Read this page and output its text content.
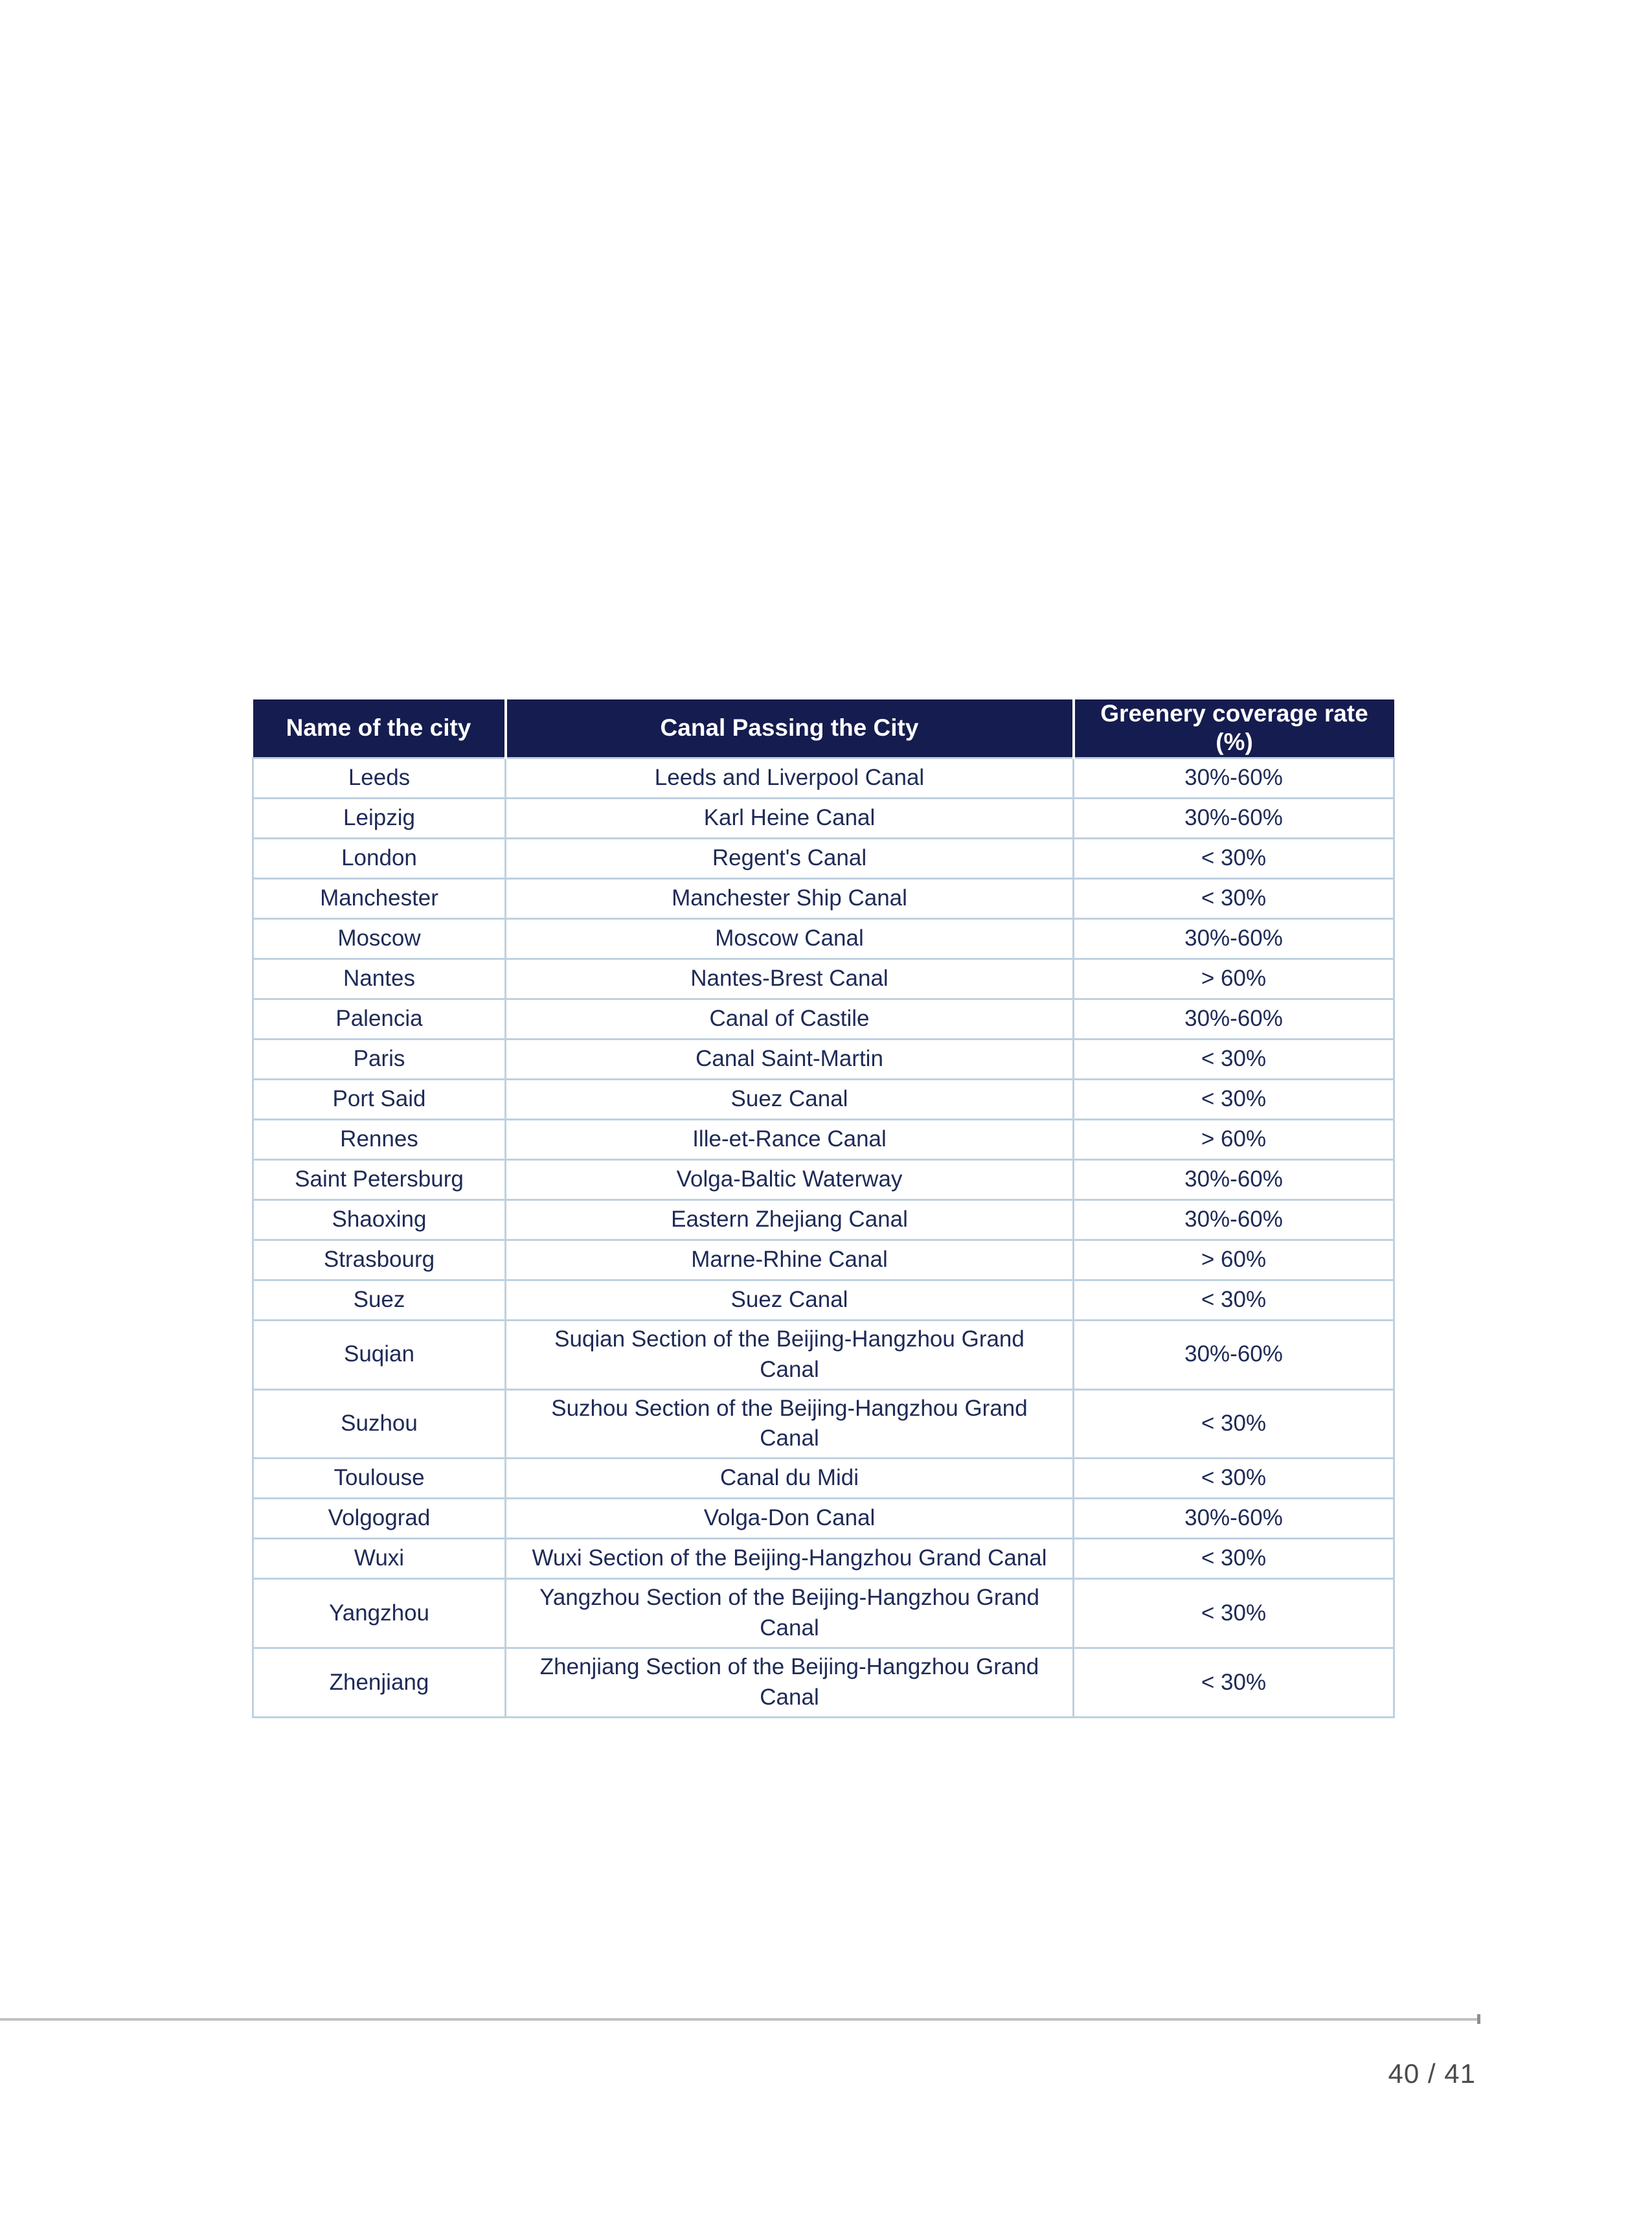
Name of the city	Canal Passing the City	Greenery coverage rate
(%)

Leeds	Leeds and Liverpool Canal	30%-60%
Leipzig	Karl Heine Canal	30%-60%
London	Regent's Canal	< 30%
Manchester	Manchester Ship Canal	< 30%
Moscow	Moscow Canal	30%-60%
Nantes	Nantes-Brest Canal	> 60%
Palencia	Canal of Castile	30%-60%
Paris	Canal Saint-Martin	< 30%
Port Said	Suez Canal	< 30%
Rennes	Ille-et-Rance Canal	> 60%
Saint Petersburg	Volga-Baltic Waterway	30%-60%
Shaoxing	Eastern Zhejiang Canal	30%-60%
Strasbourg	Marne-Rhine Canal	> 60%
Suez	Suez Canal	< 30%
Suqian	Suqian Section of the Beijing-Hangzhou Grand Canal	30%-60%
Suzhou	Suzhou Section of the Beijing-Hangzhou Grand Canal	< 30%
Toulouse	Canal du Midi	< 30%
Volgograd	Volga-Don Canal	30%-60%
Wuxi	Wuxi Section of the Beijing-Hangzhou Grand Canal	< 30%
Yangzhou	Yangzhou Section of the Beijing-Hangzhou Grand Canal	< 30%
Zhenjiang	Zhenjiang Section of the Beijing-Hangzhou Grand Canal	< 30%
40 / 41
